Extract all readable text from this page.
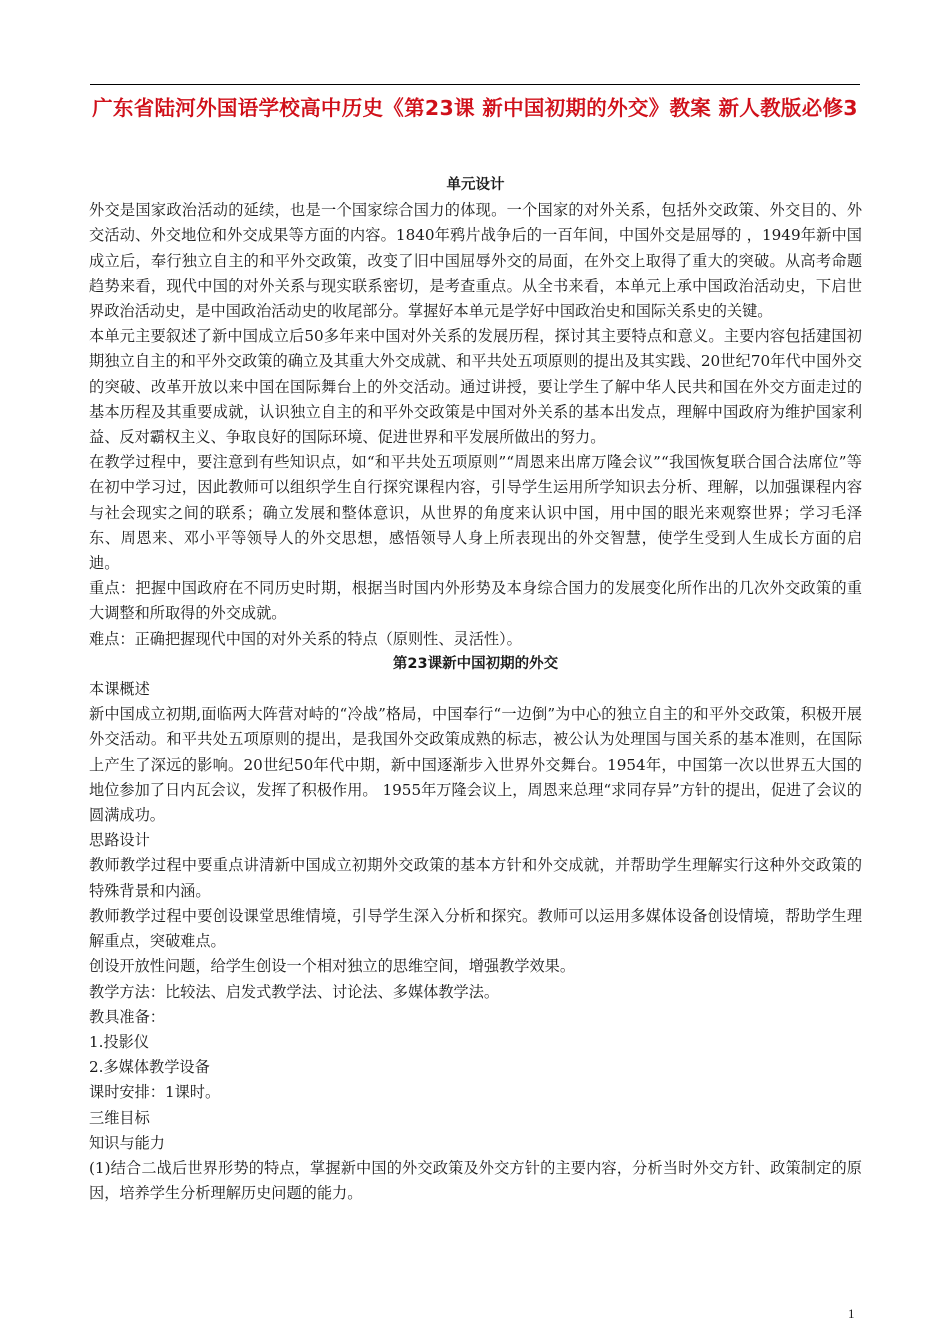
广东省陆河外国语学校高中历史《第23课 新中国初期的外交》教案 新人教版必修3

单元设计

外交是国家政治活动的延续，也是一个国家综合国力的体现。一个国家的对外关系，包括外交政策、外交目的、外交活动、外交地位和外交成果等方面的内容。1840年鸦片战争后的一百年间，中国外交是屈辱的 ，1949年新中国成立后，奉行独立自主的和平外交政策，改变了旧中国屈辱外交的局面，在外交上取得了重大的突破。从高考命题趋势来看，现代中国的对外关系与现实联系密切，是考查重点。从全书来看，本单元上承中国政治活动史，下启世界政治活动史，是中国政治活动史的收尾部分。掌握好本单元是学好中国政治史和国际关系史的关键。

本单元主要叙述了新中国成立后50多年来中国对外关系的发展历程，探讨其主要特点和意义。主要内容包括建国初期独立自主的和平外交政策的确立及其重大外交成就、和平共处五项原则的提出及其实践、20世纪70年代中国外交的突破、改革开放以来中国在国际舞台上的外交活动。通过讲授，要让学生了解中华人民共和国在外交方面走过的基本历程及其重要成就，认识独立自主的和平外交政策是中国对外关系的基本出发点，理解中国政府为维护国家利益、反对霸权主义、争取良好的国际环境、促进世界和平发展所做出的努力。

在教学过程中，要注意到有些知识点，如“和平共处五项原则”“周恩来出席万隆会议”“我国恢复联合国合法席位”等在初中学习过，因此教师可以组织学生自行探究课程内容，引导学生运用所学知识去分析、理解，以加强课程内容与社会现实之间的联系；确立发展和整体意识，从世界的角度来认识中国，用中国的眼光来观察世界；学习毛泽东、周恩来、邓小平等领导人的外交思想，感悟领导人身上所表现出的外交智慧，使学生受到人生成长方面的启迪。

重点：把握中国政府在不同历史时期，根据当时国内外形势及本身综合国力的发展变化所作出的几次外交政策的重大调整和所取得的外交成就。

难点：正确把握现代中国的对外关系的特点（原则性、灵活性）。

第23课新中国初期的外交

本课概述

新中国成立初期,面临两大阵营对峙的“冷战”格局，中国奉行“一边倒”为中心的独立自主的和平外交政策，积极开展外交活动。和平共处五项原则的提出，是我国外交政策成熟的标志，被公认为处理国与国关系的基本准则，在国际上产生了深远的影响。20世纪50年代中期，新中国逐渐步入世界外交舞台。1954年，中国第一次以世界五大国的地位参加了日内瓦会议，发挥了积极作用。 1955年万隆会议上，周恩来总理“求同存异”方针的提出，促进了会议的圆满成功。

思路设计

教师教学过程中要重点讲清新中国成立初期外交政策的基本方针和外交成就，并帮助学生理解实行这种外交政策的特殊背景和内涵。

教师教学过程中要创设课堂思维情境，引导学生深入分析和探究。教师可以运用多媒体设备创设情境，帮助学生理解重点，突破难点。

创设开放性问题，给学生创设一个相对独立的思维空间，增强教学效果。

教学方法：比较法、启发式教学法、讨论法、多媒体教学法。

教具准备：

1.投影仪

2.多媒体教学设备

课时安排：1课时。

三维目标

知识与能力

(1)结合二战后世界形势的特点，掌握新中国的外交政策及外交方针的主要内容，分析当时外交方针、政策制定的原因，培养学生分析理解历史问题的能力。

1
